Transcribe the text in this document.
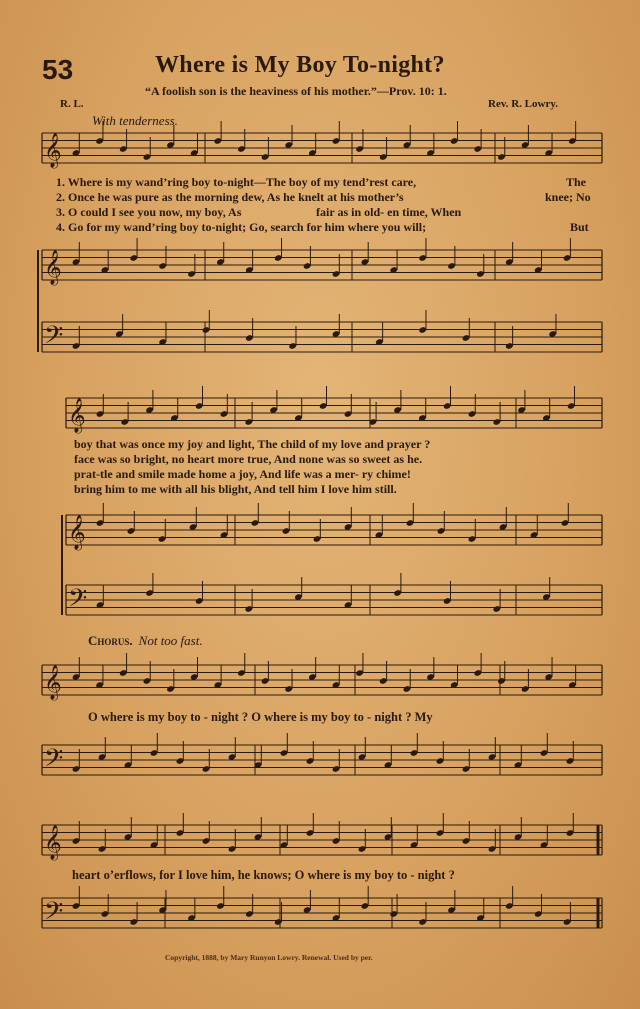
53	Where is My Boy To-night?
“A foolish son is the heaviness of his mother.”—Prov. 10: 1.
R. L.	Rev. R. Lowry.
With tenderness.
1. Where is my wand’ring boy to-night—The boy of my tend’rest care,	The
2. Once he was pure as the morning dew, As he knelt at his mother’s	knee; No
3. O could I see you now, my boy, As	fair as in old- en time, When
4. Go for my wand’ring boy to-night; Go, search for him where you will;	But
boy that was once my joy and light, The child of my love and prayer ?
face was so bright, no heart more true, And none was so sweet as he.
prat-tle and smile made home a joy, And life was a mer- ry chime!
bring him to me with all his blight, And tell him I love him still.
Chorus. Not too fast.
O where is my boy to - night ? O where is my boy to - night ? My
heart o’erflows, for I love him, he knows; O where is my boy to - night ?
Copyright, 1888, by Mary Runyon Lowry. Renewal. Used by per.
𝄞
𝄞
𝄢
𝄞
𝄞
𝄢
𝄞
𝄢
𝄞
𝄢
